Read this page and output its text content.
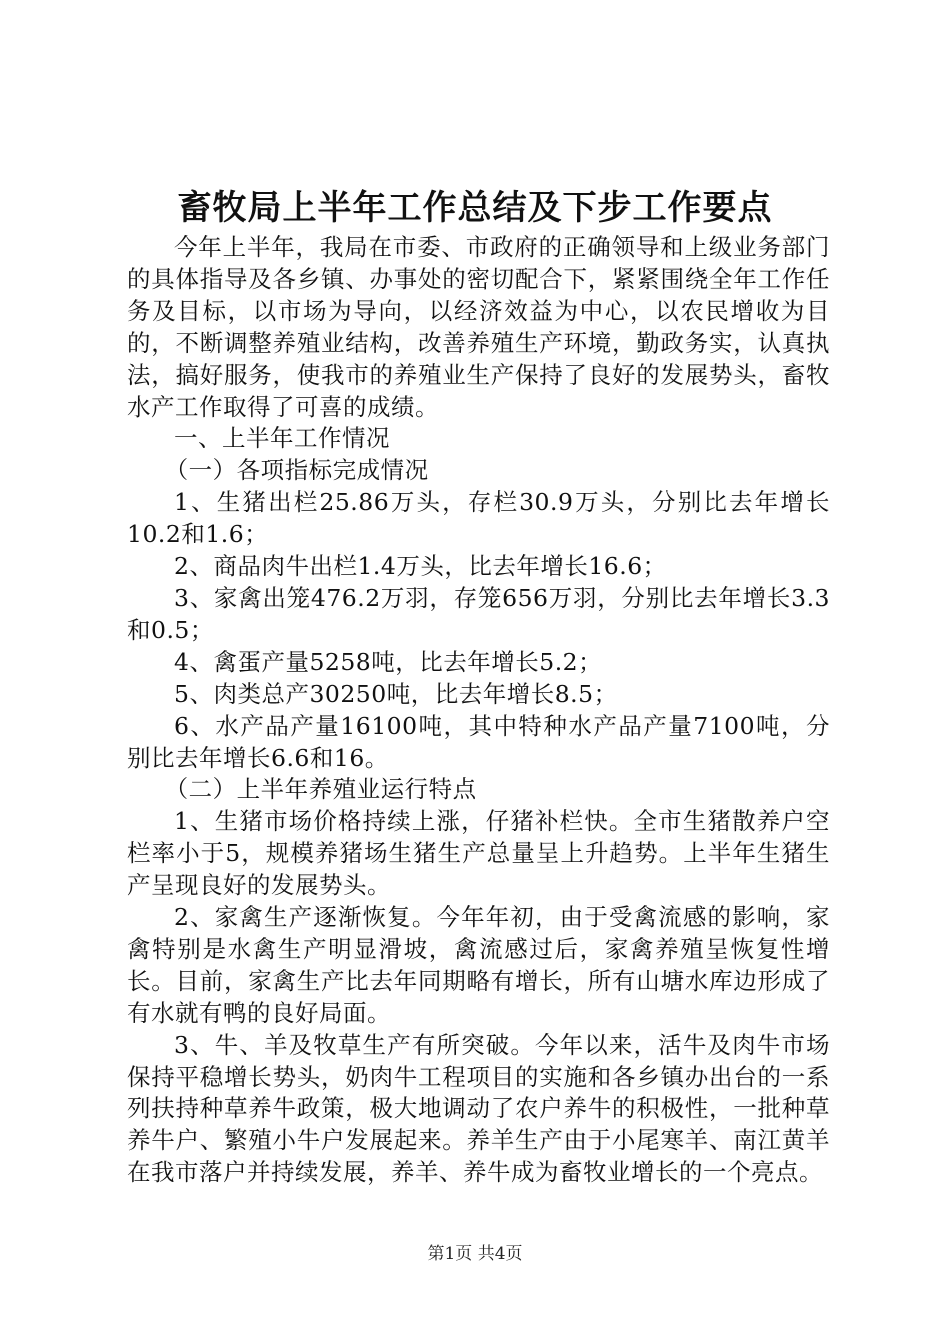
畜牧局上半年工作总结及下步工作要点

今年上半年，我局在市委、市政府的正确领导和上级业务部门的具体指导及各乡镇、办事处的密切配合下，紧紧围绕全年工作任务及目标，以市场为导向，以经济效益为中心，以农民增收为目的，不断调整养殖业结构，改善养殖生产环境，勤政务实，认真执法，搞好服务，使我市的养殖业生产保持了良好的发展势头，畜牧水产工作取得了可喜的成绩。

一、上半年工作情况

（一）各项指标完成情况

1、生猪出栏25.86万头，存栏30.9万头，分别比去年增长10.2和1.6；

2、商品肉牛出栏1.4万头，比去年增长16.6；

3、家禽出笼476.2万羽，存笼656万羽，分别比去年增长3.3和0.5；

4、禽蛋产量5258吨，比去年增长5.2；

5、肉类总产30250吨，比去年增长8.5；

6、水产品产量16100吨，其中特种水产品产量7100吨，分别比去年增长6.6和16。

（二）上半年养殖业运行特点

1、生猪市场价格持续上涨，仔猪补栏快。全市生猪散养户空栏率小于5，规模养猪场生猪生产总量呈上升趋势。上半年生猪生产呈现良好的发展势头。

2、家禽生产逐渐恢复。今年年初，由于受禽流感的影响，家禽特别是水禽生产明显滑坡，禽流感过后，家禽养殖呈恢复性增长。目前，家禽生产比去年同期略有增长，所有山塘水库边形成了有水就有鸭的良好局面。

3、牛、羊及牧草生产有所突破。今年以来，活牛及肉牛市场保持平稳增长势头，奶肉牛工程项目的实施和各乡镇办出台的一系列扶持种草养牛政策，极大地调动了农户养牛的积极性，一批种草养牛户、繁殖小牛户发展起来。养羊生产由于小尾寒羊、南江黄羊在我市落户并持续发展，养羊、养牛成为畜牧业增长的一个亮点。

第1页 共4页
